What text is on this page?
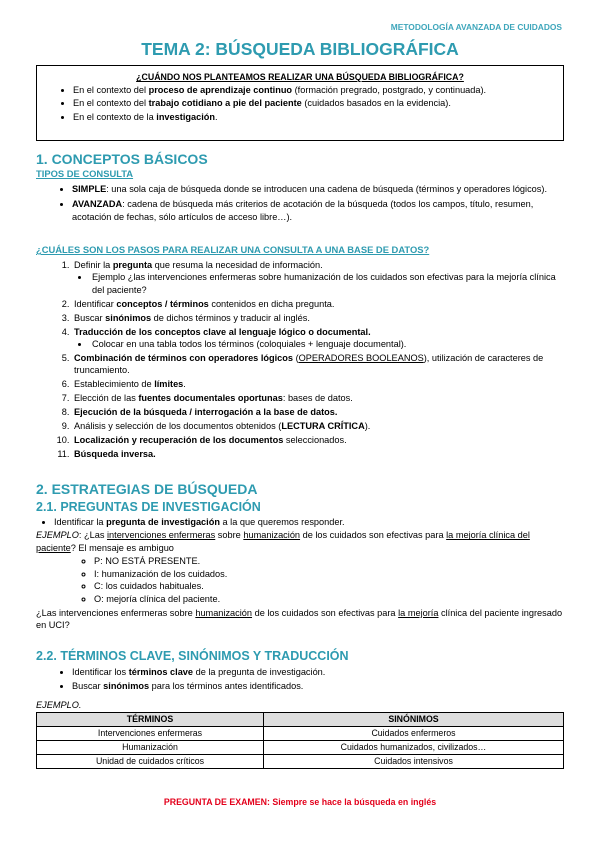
METODOLOGÍA AVANZADA DE CUIDADOS
TEMA 2: BÚSQUEDA BIBLIOGRÁFICA
¿CUÁNDO NOS PLANTEAMOS REALIZAR UNA BÚSQUEDA BIBLIOGRÁFICA?
• En el contexto del proceso de aprendizaje continuo (formación pregrado, postgrado, y continuada).
• En el contexto del trabajo cotidiano a pie del paciente (cuidados basados en la evidencia).
• En el contexto de la investigación.
1. CONCEPTOS BÁSICOS
TIPOS DE CONSULTA
• SIMPLE: una sola caja de búsqueda donde se introducen una cadena de búsqueda (términos y operadores lógicos).
• AVANZADA: cadena de búsqueda más criterios de acotación de la búsqueda (todos los campos, título, resumen, acotación de fechas, sólo artículos de acceso libre…).
¿CUÁLES SON LOS PASOS PARA REALIZAR UNA CONSULTA A UNA BASE DE DATOS?
1. Definir la pregunta que resuma la necesidad de información.
• Ejemplo ¿las intervenciones enfermeras sobre humanización de los cuidados son efectivas para la mejoría clínica del paciente?
2. Identificar conceptos / términos contenidos en dicha pregunta.
3. Buscar sinónimos de dichos términos y traducir al inglés.
4. Traducción de los conceptos clave al lenguaje lógico o documental.
• Colocar en una tabla todos los términos (coloquiales + lenguaje documental).
5. Combinación de términos con operadores lógicos (OPERADORES BOOLEANOS), utilización de caracteres de truncamiento.
6. Establecimiento de límites.
7. Elección de las fuentes documentales oportunas: bases de datos.
8. Ejecución de la búsqueda / interrogación a la base de datos.
9. Análisis y selección de los documentos obtenidos (LECTURA CRÍTICA).
10. Localización y recuperación de los documentos seleccionados.
11. Búsqueda inversa.
2. ESTRATEGIAS DE BÚSQUEDA
2.1. PREGUNTAS DE INVESTIGACIÓN
• Identificar la pregunta de investigación a la que queremos responder.
EJEMPLO: ¿Las intervenciones enfermeras sobre humanización de los cuidados son efectivas para la mejoría clínica del paciente? El mensaje es ambiguo
◦ P: NO ESTÁ PRESENTE.
◦ I: humanización de los cuidados.
◦ C: los cuidados habituales.
◦ O: mejoría clínica del paciente.
¿Las intervenciones enfermeras sobre humanización de los cuidados son efectivas para la mejoría clínica del paciente ingresado en UCI?
2.2. TÉRMINOS CLAVE, SINÓNIMOS Y TRADUCCIÓN
• Identificar los términos clave de la pregunta de investigación.
• Buscar sinónimos para los términos antes identificados.
EJEMPLO.
TÉRMINOS	SINÓNIMOS
Intervenciones enfermeras	Cuidados enfermeros
Humanización	Cuidados humanizados, civilizados…
Unidad de cuidados críticos	Cuidados intensivos
PREGUNTA DE EXAMEN: Siempre se hace la búsqueda en inglés
